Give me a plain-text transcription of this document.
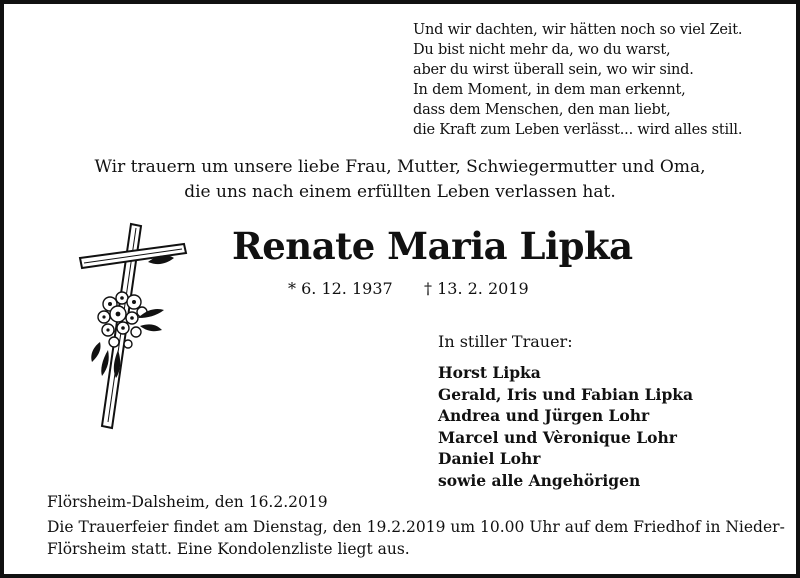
Und wir dachten, wir hätten noch so viel Zeit.
Du bist nicht mehr da, wo du warst,
aber du wirst überall sein, wo wir sind.
In dem Moment, in dem man erkennt,
dass dem Menschen, den man liebt,
die Kraft zum Leben verlässt... wird alles still.
Wir trauern um unsere liebe Frau, Mutter, Schwiegermutter und Oma,
die uns nach einem erfüllten Leben verlassen hat.
Renate Maria Lipka
* 6. 12. 1937 † 13. 2. 2019
In stiller Trauer:
Horst Lipka
Gerald, Iris und Fabian Lipka
Andrea und Jürgen Lohr
Marcel und Vèronique Lohr
Daniel Lohr
sowie alle Angehörigen
Flörsheim-Dalsheim, den 16.2.2019
Die Trauerfeier findet am Dienstag, den 19.2.2019 um 10.00 Uhr auf dem Friedhof in Nieder-
Flörsheim statt. Eine Kondolenzliste liegt aus.
